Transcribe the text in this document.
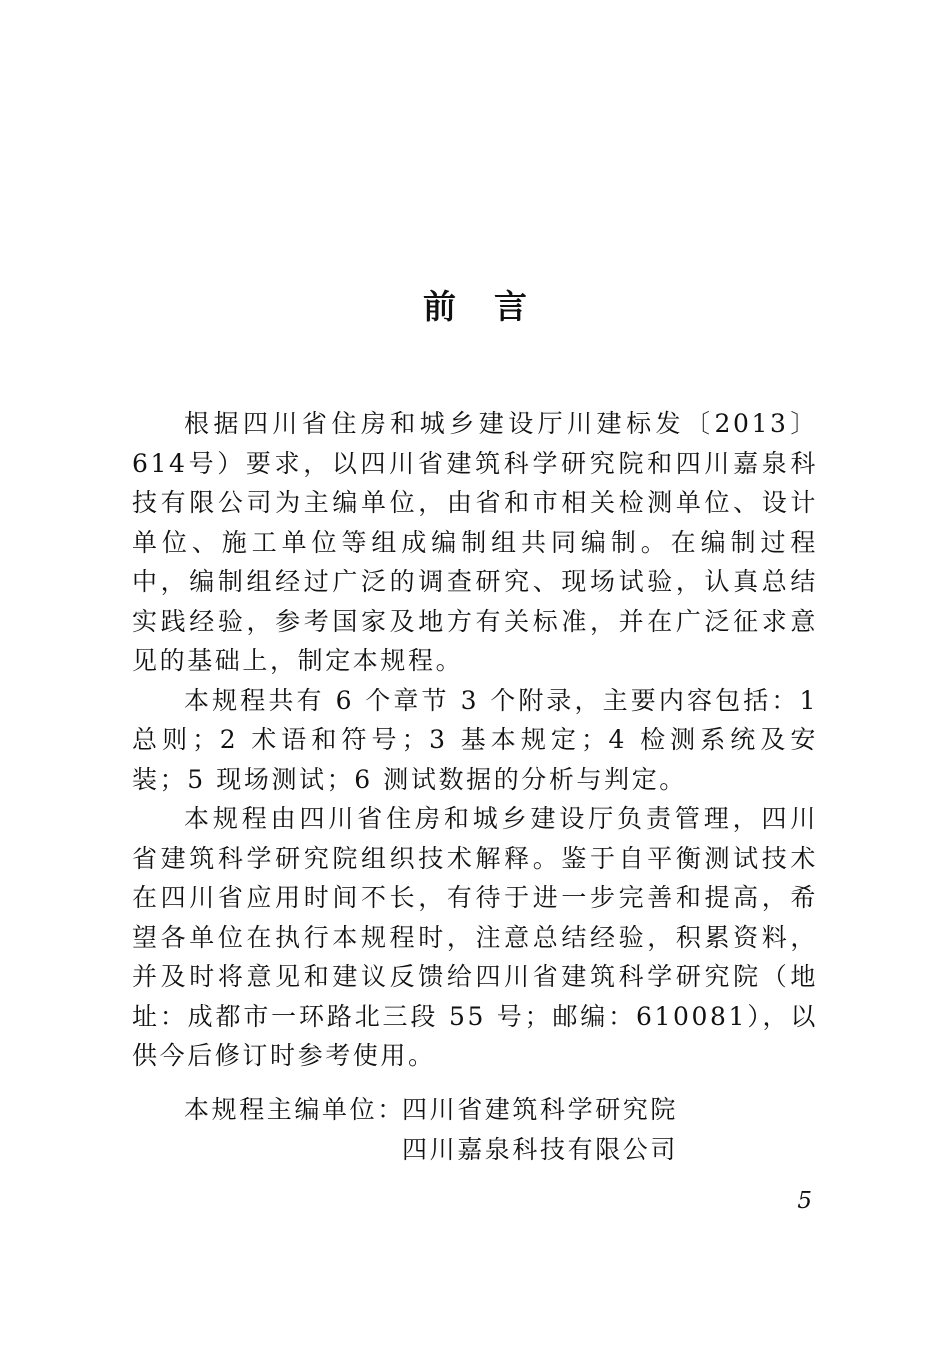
前言

根据四川省住房和城乡建设厅川建标发〔2013〕614号）要求，以四川省建筑科学研究院和四川嘉泉科技有限公司为主编单位，由省和市相关检测单位、设计单位、施工单位等组成编制组共同编制。在编制过程中，编制组经过广泛的调查研究、现场试验，认真总结实践经验，参考国家及地方有关标准，并在广泛征求意见的基础上，制定本规程。

本规程共有 6 个章节 3 个附录，主要内容包括：1 总则；2 术语和符号；3 基本规定；4 检测系统及安装；5 现场测试；6 测试数据的分析与判定。

本规程由四川省住房和城乡建设厅负责管理，四川省建筑科学研究院组织技术解释。鉴于自平衡测试技术在四川省应用时间不长，有待于进一步完善和提高，希望各单位在执行本规程时，注意总结经验，积累资料，并及时将意见和建议反馈给四川省建筑科学研究院（地址：成都市一环路北三段 55 号；邮编：610081），以供今后修订时参考使用。

本规程主编单位：
四川省建筑科学研究院
四川嘉泉科技有限公司
5
